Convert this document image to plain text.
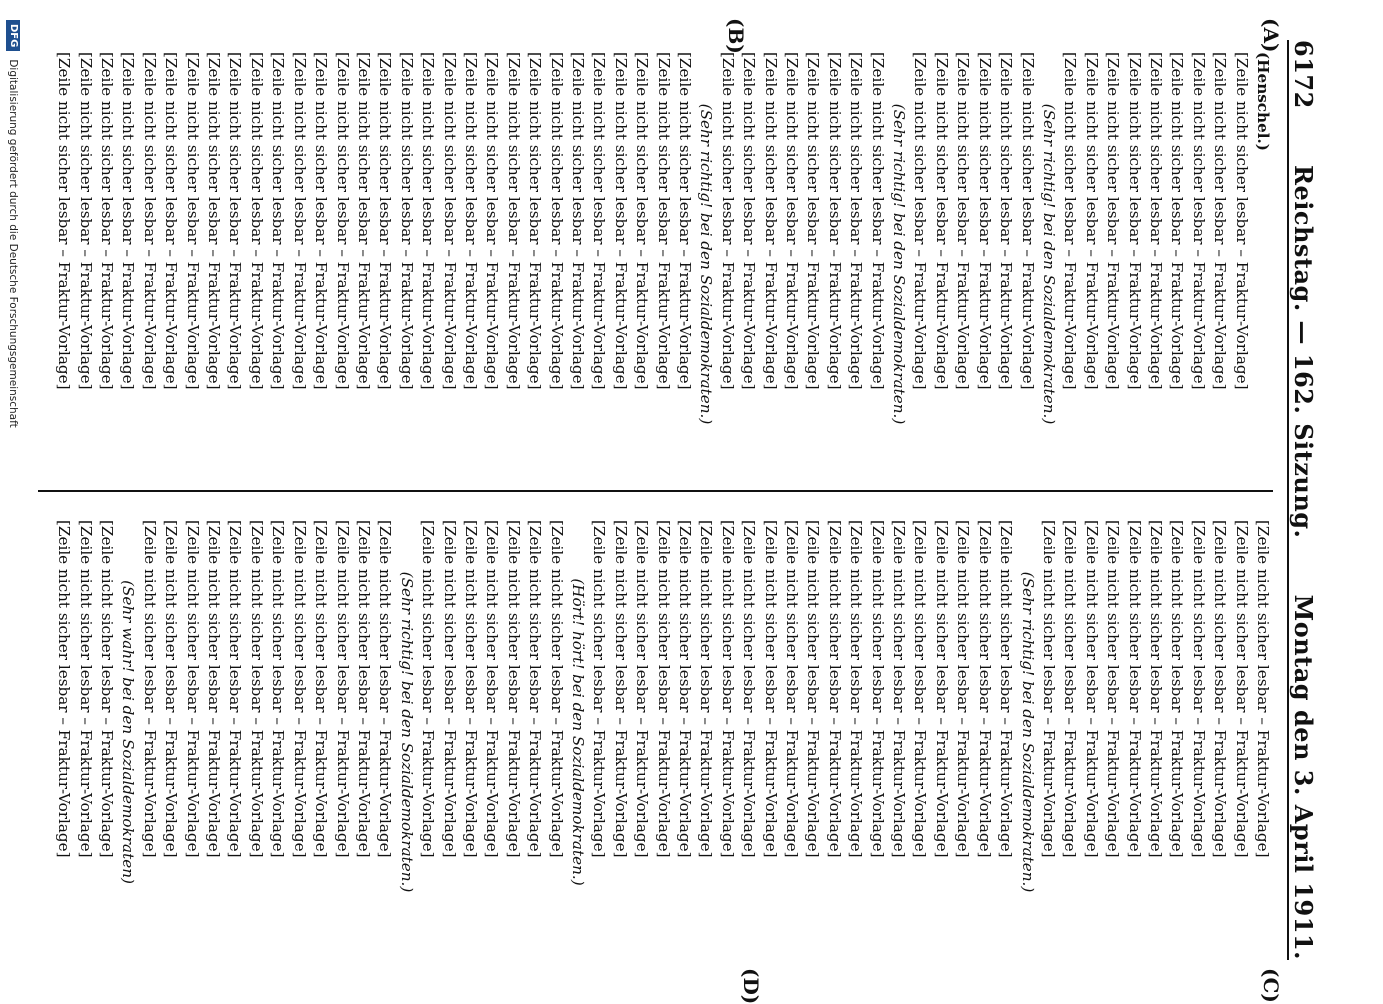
6172
Reichstag. — 162. Sitzung.
Montag den 3. April 1911.
(A)
(B)
(C)
(D)
(Henschel.)
[Zeile nicht sicher lesbar – Fraktur-Vorlage]
[Zeile nicht sicher lesbar – Fraktur-Vorlage]
[Zeile nicht sicher lesbar – Fraktur-Vorlage]
[Zeile nicht sicher lesbar – Fraktur-Vorlage]
[Zeile nicht sicher lesbar – Fraktur-Vorlage]
[Zeile nicht sicher lesbar – Fraktur-Vorlage]
[Zeile nicht sicher lesbar – Fraktur-Vorlage]
[Zeile nicht sicher lesbar – Fraktur-Vorlage]
[Zeile nicht sicher lesbar – Fraktur-Vorlage]
(Sehr richtig! bei den Sozialdemokraten.)
[Zeile nicht sicher lesbar – Fraktur-Vorlage]
[Zeile nicht sicher lesbar – Fraktur-Vorlage]
[Zeile nicht sicher lesbar – Fraktur-Vorlage]
[Zeile nicht sicher lesbar – Fraktur-Vorlage]
[Zeile nicht sicher lesbar – Fraktur-Vorlage]
[Zeile nicht sicher lesbar – Fraktur-Vorlage]
(Sehr richtig! bei den Sozialdemokraten.)
[Zeile nicht sicher lesbar – Fraktur-Vorlage]
[Zeile nicht sicher lesbar – Fraktur-Vorlage]
[Zeile nicht sicher lesbar – Fraktur-Vorlage]
[Zeile nicht sicher lesbar – Fraktur-Vorlage]
[Zeile nicht sicher lesbar – Fraktur-Vorlage]
[Zeile nicht sicher lesbar – Fraktur-Vorlage]
[Zeile nicht sicher lesbar – Fraktur-Vorlage]
[Zeile nicht sicher lesbar – Fraktur-Vorlage]
(Sehr richtig! bei den Sozialdemokraten.)
[Zeile nicht sicher lesbar – Fraktur-Vorlage]
[Zeile nicht sicher lesbar – Fraktur-Vorlage]
[Zeile nicht sicher lesbar – Fraktur-Vorlage]
[Zeile nicht sicher lesbar – Fraktur-Vorlage]
[Zeile nicht sicher lesbar – Fraktur-Vorlage]
[Zeile nicht sicher lesbar – Fraktur-Vorlage]
[Zeile nicht sicher lesbar – Fraktur-Vorlage]
[Zeile nicht sicher lesbar – Fraktur-Vorlage]
[Zeile nicht sicher lesbar – Fraktur-Vorlage]
[Zeile nicht sicher lesbar – Fraktur-Vorlage]
[Zeile nicht sicher lesbar – Fraktur-Vorlage]
[Zeile nicht sicher lesbar – Fraktur-Vorlage]
[Zeile nicht sicher lesbar – Fraktur-Vorlage]
[Zeile nicht sicher lesbar – Fraktur-Vorlage]
[Zeile nicht sicher lesbar – Fraktur-Vorlage]
[Zeile nicht sicher lesbar – Fraktur-Vorlage]
[Zeile nicht sicher lesbar – Fraktur-Vorlage]
[Zeile nicht sicher lesbar – Fraktur-Vorlage]
[Zeile nicht sicher lesbar – Fraktur-Vorlage]
[Zeile nicht sicher lesbar – Fraktur-Vorlage]
[Zeile nicht sicher lesbar – Fraktur-Vorlage]
[Zeile nicht sicher lesbar – Fraktur-Vorlage]
[Zeile nicht sicher lesbar – Fraktur-Vorlage]
[Zeile nicht sicher lesbar – Fraktur-Vorlage]
[Zeile nicht sicher lesbar – Fraktur-Vorlage]
[Zeile nicht sicher lesbar – Fraktur-Vorlage]
[Zeile nicht sicher lesbar – Fraktur-Vorlage]
[Zeile nicht sicher lesbar – Fraktur-Vorlage]
[Zeile nicht sicher lesbar – Fraktur-Vorlage]
[Zeile nicht sicher lesbar – Fraktur-Vorlage]
[Zeile nicht sicher lesbar – Fraktur-Vorlage]
[Zeile nicht sicher lesbar – Fraktur-Vorlage]
[Zeile nicht sicher lesbar – Fraktur-Vorlage]
[Zeile nicht sicher lesbar – Fraktur-Vorlage]
[Zeile nicht sicher lesbar – Fraktur-Vorlage]
[Zeile nicht sicher lesbar – Fraktur-Vorlage]
[Zeile nicht sicher lesbar – Fraktur-Vorlage]
[Zeile nicht sicher lesbar – Fraktur-Vorlage]
[Zeile nicht sicher lesbar – Fraktur-Vorlage]
[Zeile nicht sicher lesbar – Fraktur-Vorlage]
[Zeile nicht sicher lesbar – Fraktur-Vorlage]
(Sehr richtig! bei den Sozialdemokraten.)
[Zeile nicht sicher lesbar – Fraktur-Vorlage]
[Zeile nicht sicher lesbar – Fraktur-Vorlage]
[Zeile nicht sicher lesbar – Fraktur-Vorlage]
[Zeile nicht sicher lesbar – Fraktur-Vorlage]
[Zeile nicht sicher lesbar – Fraktur-Vorlage]
[Zeile nicht sicher lesbar – Fraktur-Vorlage]
[Zeile nicht sicher lesbar – Fraktur-Vorlage]
[Zeile nicht sicher lesbar – Fraktur-Vorlage]
[Zeile nicht sicher lesbar – Fraktur-Vorlage]
[Zeile nicht sicher lesbar – Fraktur-Vorlage]
[Zeile nicht sicher lesbar – Fraktur-Vorlage]
[Zeile nicht sicher lesbar – Fraktur-Vorlage]
[Zeile nicht sicher lesbar – Fraktur-Vorlage]
[Zeile nicht sicher lesbar – Fraktur-Vorlage]
[Zeile nicht sicher lesbar – Fraktur-Vorlage]
[Zeile nicht sicher lesbar – Fraktur-Vorlage]
[Zeile nicht sicher lesbar – Fraktur-Vorlage]
[Zeile nicht sicher lesbar – Fraktur-Vorlage]
[Zeile nicht sicher lesbar – Fraktur-Vorlage]
[Zeile nicht sicher lesbar – Fraktur-Vorlage]
(Hört! hört! bei den Sozialdemokraten.)
[Zeile nicht sicher lesbar – Fraktur-Vorlage]
[Zeile nicht sicher lesbar – Fraktur-Vorlage]
[Zeile nicht sicher lesbar – Fraktur-Vorlage]
[Zeile nicht sicher lesbar – Fraktur-Vorlage]
[Zeile nicht sicher lesbar – Fraktur-Vorlage]
[Zeile nicht sicher lesbar – Fraktur-Vorlage]
[Zeile nicht sicher lesbar – Fraktur-Vorlage]
(Sehr richtig! bei den Sozialdemokraten.)
[Zeile nicht sicher lesbar – Fraktur-Vorlage]
[Zeile nicht sicher lesbar – Fraktur-Vorlage]
[Zeile nicht sicher lesbar – Fraktur-Vorlage]
[Zeile nicht sicher lesbar – Fraktur-Vorlage]
[Zeile nicht sicher lesbar – Fraktur-Vorlage]
[Zeile nicht sicher lesbar – Fraktur-Vorlage]
[Zeile nicht sicher lesbar – Fraktur-Vorlage]
[Zeile nicht sicher lesbar – Fraktur-Vorlage]
[Zeile nicht sicher lesbar – Fraktur-Vorlage]
[Zeile nicht sicher lesbar – Fraktur-Vorlage]
[Zeile nicht sicher lesbar – Fraktur-Vorlage]
[Zeile nicht sicher lesbar – Fraktur-Vorlage]
(Sehr wahr! bei den Sozialdemokraten)
[Zeile nicht sicher lesbar – Fraktur-Vorlage]
[Zeile nicht sicher lesbar – Fraktur-Vorlage]
[Zeile nicht sicher lesbar – Fraktur-Vorlage]
DFG
Digitalisierung gefördert durch die Deutsche Forschungsgemeinschaft
